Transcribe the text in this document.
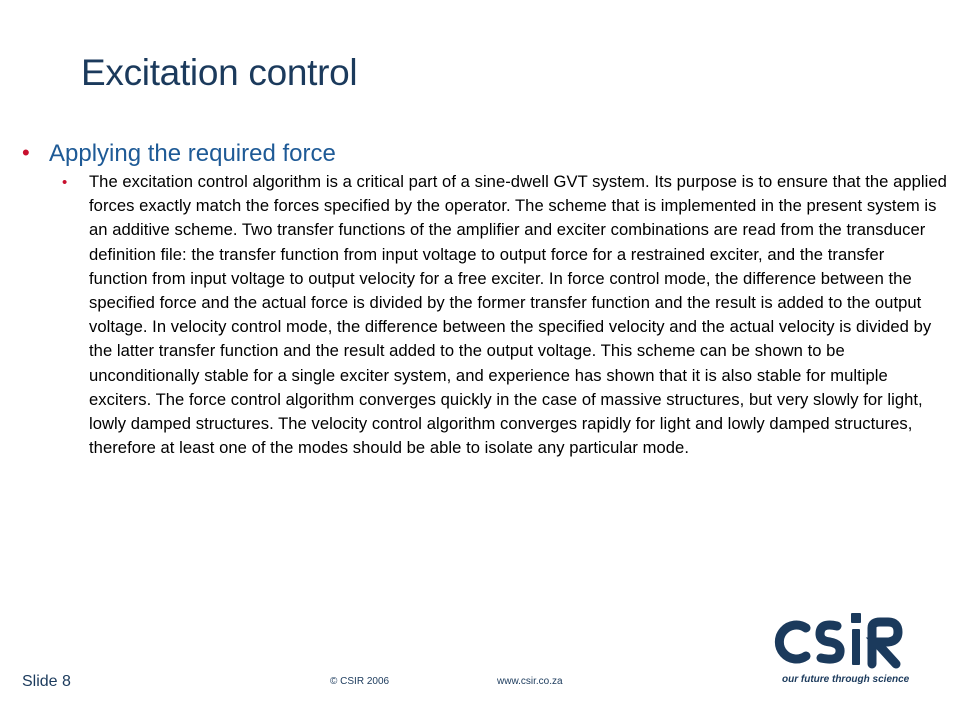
Excitation control
• Applying the required force
• The excitation control algorithm is a critical part of a sine-dwell GVT system. Its purpose is to ensure that the applied forces exactly match the forces specified by the operator. The scheme that is implemented in the present system is an additive scheme. Two transfer functions of the amplifier and exciter combinations are read from the transducer definition file: the transfer function from input voltage to output force for a restrained exciter, and the transfer function from input voltage to output velocity for a free exciter. In force control mode, the difference between the specified force and the actual force is divided by the former transfer function and the result is added to the output voltage. In velocity control mode, the difference between the specified velocity and the actual velocity is divided by the latter transfer function and the result added to the output voltage. This scheme can be shown to be unconditionally stable for a single exciter system, and experience has shown that it is also stable for multiple exciters. The force control algorithm converges quickly in the case of massive structures, but very slowly for light, lowly damped structures. The velocity control algorithm converges rapidly for light and lowly damped structures, therefore at least one of the modes should be able to isolate any particular mode.
Slide 8	© CSIR 2006	www.csir.co.za	our future through science
